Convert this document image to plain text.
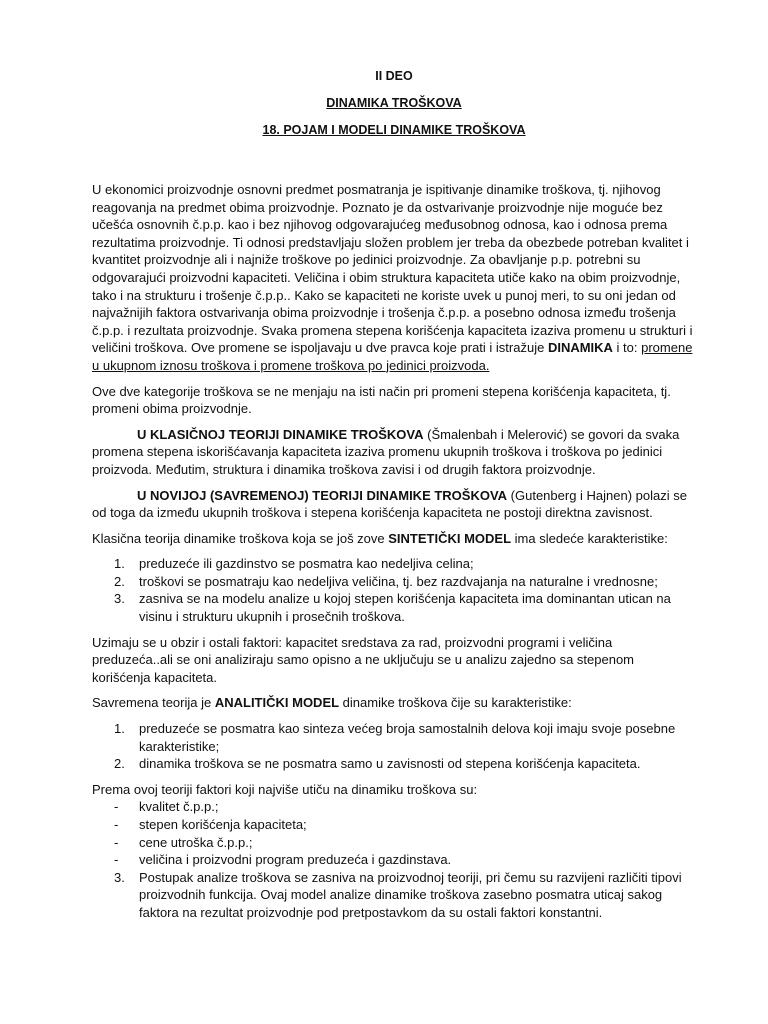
II DEO
DINAMIKA TROŠKOVA
18. POJAM I MODELI DINAMIKE TROŠKOVA

U ekonomici proizvodnje osnovni predmet posmatranja je ispitivanje dinamike troškova, tj. njihovog reagovanja na predmet obima proizvodnje. Poznato je da ostvarivanje proizvodnje nije moguće bez učešća osnovnih č.p.p. kao i bez njihovog odgovarajućeg međusobnog odnosa, kao i odnosa prema rezultatima proizvodnje. Ti odnosi predstavljaju složen problem jer treba da obezbede potreban kvalitet i kvantitet proizvodnje ali i najniže troškove po jedinici proizvodnje. Za obavljanje p.p. potrebni su odgovarajući proizvodni kapaciteti. Veličina i obim struktura kapaciteta utiče kako na obim proizvodnje, tako i na strukturu i trošenje č.p.p.. Kako se kapaciteti ne koriste uvek u punoj meri, to su oni jedan od najvažnijih faktora ostvarivanja obima proizvodnje i trošenja č.p.p. a posebno odnosa između trošenja č.p.p. i rezultata proizvodnje. Svaka promena stepena korišćenja kapaciteta izaziva promenu u strukturi i veličini troškova. Ove promene se ispoljavaju u dve pravca koje prati i istražuje DINAMIKA i to: promene u ukupnom iznosu troškova i promene troškova po jedinici proizvoda.

Ove dve kategorije troškova se ne menjaju na isti način pri promeni stepena korišćenja kapaciteta, tj. promeni obima proizvodnje.

U KLASIČNOJ TEORIJI DINAMIKE TROŠKOVA (Šmalenbah i Melerović) se govori da svaka promena stepena iskorišćavanja kapaciteta izaziva promenu ukupnih troškova i troškova po jedinici proizvoda. Međutim, struktura i dinamika troškova zavisi i od drugih faktora proizvodnje.

U NOVIJOJ (SAVREMENOJ) TEORIJI DINAMIKE TROŠKOVA (Gutenberg i Hajnen) polazi se od toga da između ukupnih troškova i stepena korišćenja kapaciteta ne postoji direktna zavisnost.

Klasična teorija dinamike troškova koja se još zove SINTETIČKI MODEL ima sledeće karakteristike:

1. preduzeće ili gazdinstvo se posmatra kao nedeljiva celina;
2. troškovi se posmatraju kao nedeljiva veličina, tj. bez razdvajanja na naturalne i vrednosne;
3. zasniva se na modelu analize u kojoj stepen korišćenja kapaciteta ima dominantan utican na visinu i strukturu ukupnih i prosečnih troškova.

Uzimaju se u obzir i ostali faktori: kapacitet sredstava za rad, proizvodni programi i veličina preduzeća..ali se oni analiziraju samo opisno a ne uključuju se u analizu zajedno sa stepenom korišćenja kapaciteta.

Savremena teorija je ANALITIČKI MODEL dinamike troškova čije su karakteristike:

1. preduzeće se posmatra kao sinteza većeg broja samostalnih delova koji imaju svoje posebne karakteristike;
2. dinamika troškova se ne posmatra samo u zavisnosti od stepena korišćenja kapaciteta.

Prema ovoj teoriji faktori koji najviše utiču na dinamiku troškova su:

- kvalitet č.p.p.;
- stepen korišćenja kapaciteta;
- cene utroška č.p.p.;
- veličina i proizvodni program preduzeća i gazdinstava.
3. Postupak analize troškova se zasniva na proizvodnoj teoriji, pri čemu su razvijeni različiti tipovi proizvodnih funkcija. Ovaj model analize dinamike troškova zasebno posmatra uticaj sakog faktora na rezultat proizvodnje pod pretpostavkom da su ostali faktori konstantni.
